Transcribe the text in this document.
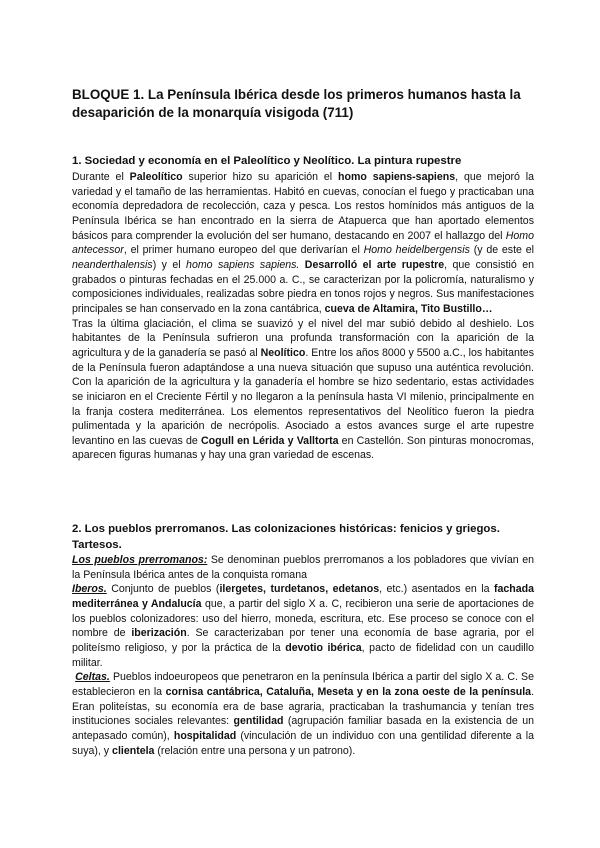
BLOQUE 1. La Península Ibérica desde los primeros humanos hasta la desaparición de la monarquía visigoda (711)
1. Sociedad y economía en el Paleolítico y Neolítico. La pintura rupestre

Durante el Paleolítico superior hizo su aparición el homo sapiens-sapiens, que mejoró la variedad y el tamaño de las herramientas. Habitó en cuevas, conocían el fuego y practicaban una economía depredadora de recolección, caza y pesca. Los restos homínidos más antiguos de la Península Ibérica se han encontrado en la sierra de Atapuerca que han aportado elementos básicos para comprender la evolución del ser humano, destacando en 2007 el hallazgo del Homo antecessor, el primer humano europeo del que derivarían el Homo heidelbergensis (y de este el neanderthalensis) y el homo sapiens sapiens. Desarrolló el arte rupestre, que consistió en grabados o pinturas fechadas en el 25.000 a. C., se caracterizan por la policromía, naturalismo y composiciones individuales, realizadas sobre piedra en tonos rojos y negros. Sus manifestaciones principales se han conservado en la zona cantábrica, cueva de Altamira, Tito Bustillo…

Tras la última glaciación, el clima se suavizó y el nivel del mar subió debido al deshielo. Los habitantes de la Península sufrieron una profunda transformación con la aparición de la agricultura y de la ganadería se pasó al Neolítico. Entre los años 8000 y 5500 a.C., los habitantes de la Península fueron adaptándose a una nueva situación que supuso una auténtica revolución. Con la aparición de la agricultura y la ganadería el hombre se hizo sedentario, estas actividades se iniciaron en el Creciente Fértil y no llegaron a la península hasta VI milenio, principalmente en la franja costera mediterránea. Los elementos representativos del Neolítico fueron la piedra pulimentada y la aparición de necrópolis. Asociado a estos avances surge el arte rupestre levantino en las cuevas de Cogull en Lérida y Valltorta en Castellón. Son pinturas monocromas, aparecen figuras humanas y hay una gran variedad de escenas.

2. Los pueblos prerromanos. Las colonizaciones históricas: fenicios y griegos. Tartesos.

Los pueblos prerromanos: Se denominan pueblos prerromanos a los pobladores que vivían en la Península Ibérica antes de la conquista romana

Iberos. Conjunto de pueblos (ilergetes, turdetanos, edetanos, etc.) asentados en la fachada mediterránea y Andalucía que, a partir del siglo X a. C, recibieron una serie de aportaciones de los pueblos colonizadores: uso del hierro, moneda, escritura, etc. Ese proceso se conoce con el nombre de iberización. Se caracterizaban por tener una economía de base agraria, por el politeísmo religioso, y por la práctica de la devotio ibérica, pacto de fidelidad con un caudillo militar.

Celtas. Pueblos indoeuropeos que penetraron en la península Ibérica a partir del siglo X a. C. Se establecieron en la cornisa cantábrica, Cataluña, Meseta y en la zona oeste de la península. Eran politeístas, su economía era de base agraria, practicaban la trashumancia y tenían tres instituciones sociales relevantes: gentilidad (agrupación familiar basada en la existencia de un antepasado común), hospitalidad (vinculación de un individuo con una gentilidad diferente a la suya), y clientela (relación entre una persona y un patrono).
